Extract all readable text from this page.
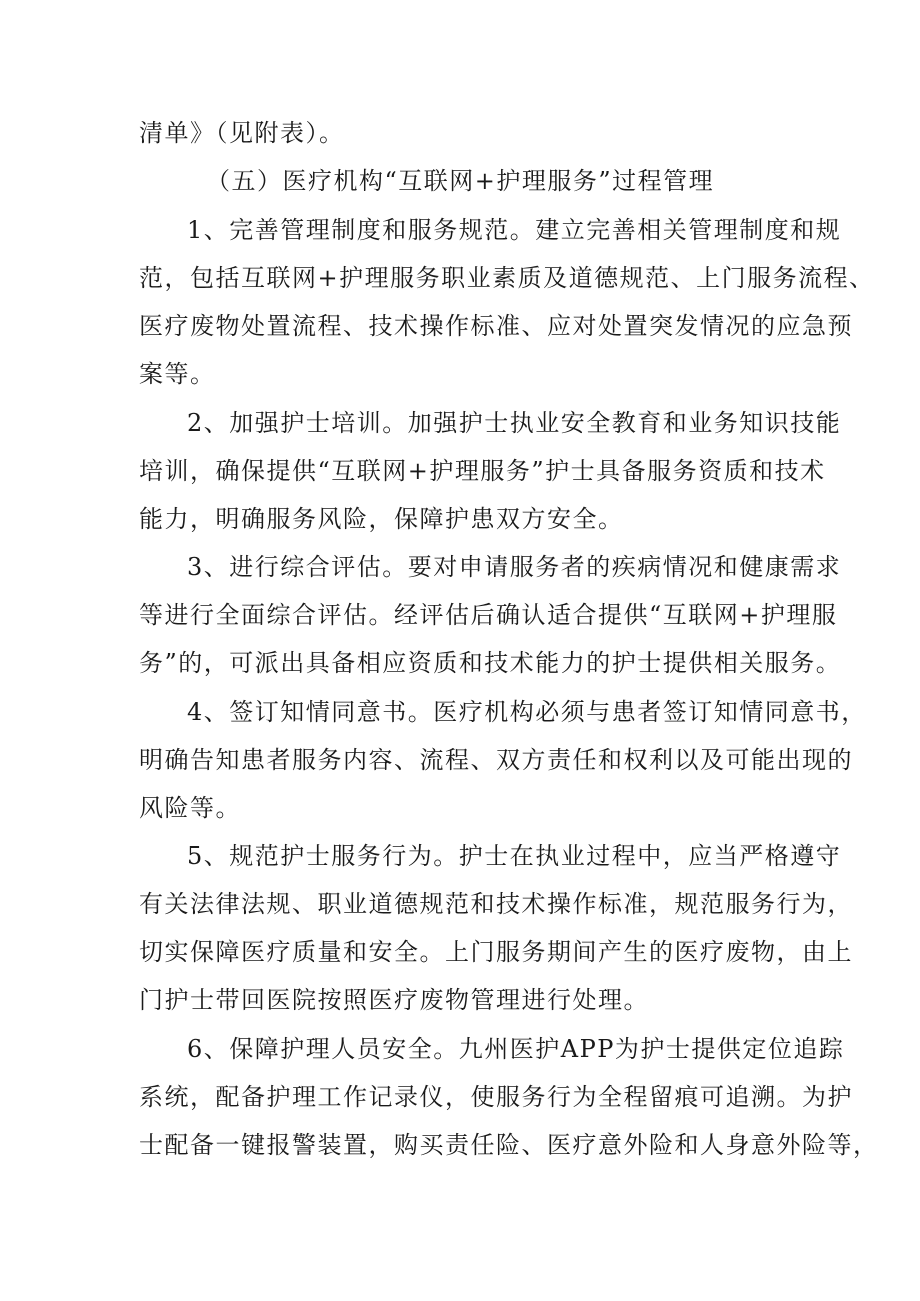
清单》（见附表）。
（五）医疗机构“互联网+护理服务”过程管理
1、完善管理制度和服务规范。建立完善相关管理制度和规
范，包括互联网+护理服务职业素质及道德规范、上门服务流程、
医疗废物处置流程、技术操作标准、应对处置突发情况的应急预
案等。
2、加强护士培训。加强护士执业安全教育和业务知识技能
培训，确保提供“互联网+护理服务”护士具备服务资质和技术
能力，明确服务风险，保障护患双方安全。
3、进行综合评估。要对申请服务者的疾病情况和健康需求
等进行全面综合评估。经评估后确认适合提供“互联网+护理服
务”的，可派出具备相应资质和技术能力的护士提供相关服务。
4、签订知情同意书。医疗机构必须与患者签订知情同意书，
明确告知患者服务内容、流程、双方责任和权利以及可能出现的
风险等。
5、规范护士服务行为。护士在执业过程中，应当严格遵守
有关法律法规、职业道德规范和技术操作标准，规范服务行为，
切实保障医疗质量和安全。上门服务期间产生的医疗废物，由上
门护士带回医院按照医疗废物管理进行处理。
6、保障护理人员安全。九州医护APP为护士提供定位追踪
系统，配备护理工作记录仪，使服务行为全程留痕可追溯。为护
士配备一键报警装置，购买责任险、医疗意外险和人身意外险等，
